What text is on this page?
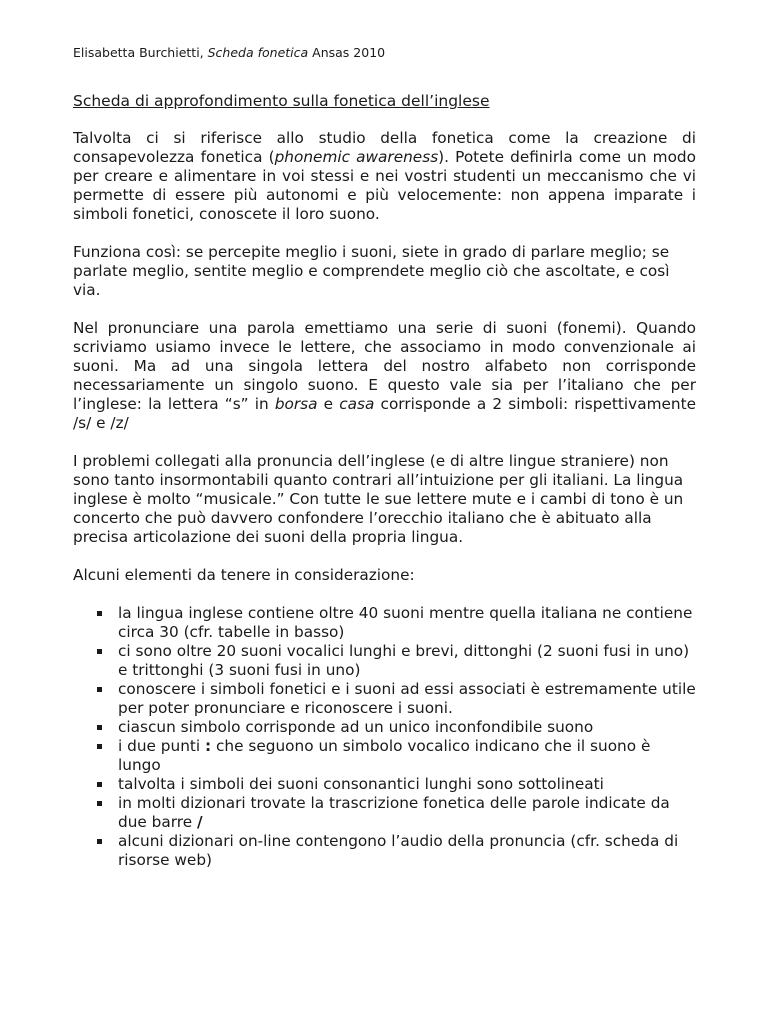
Elisabetta Burchietti, Scheda fonetica Ansas 2010
Scheda di approfondimento sulla fonetica dell’inglese

Talvolta ci si riferisce allo studio della fonetica come la creazione di consapevolezza fonetica (phonemic awareness). Potete definirla come un modo per creare e alimentare in voi stessi e nei vostri studenti un meccanismo che vi permette di essere più autonomi e più velocemente: non appena imparate i simboli fonetici, conoscete il loro suono.

Funziona così: se percepite meglio i suoni, siete in grado di parlare meglio; se parlate meglio, sentite meglio e comprendete meglio ciò che ascoltate, e così via.

Nel pronunciare una parola emettiamo una serie di suoni (fonemi). Quando scriviamo usiamo invece le lettere, che associamo in modo convenzionale ai suoni. Ma ad una singola lettera del nostro alfabeto non corrisponde necessariamente un singolo suono. E questo vale sia per l’italiano che per l’inglese: la lettera “s” in borsa e casa corrisponde a 2 simboli: rispettivamente /s/ e /z/

I problemi collegati alla pronuncia dell’inglese (e di altre lingue straniere) non sono tanto insormontabili quanto contrari all’intuizione per gli italiani. La lingua inglese è molto “musicale.” Con tutte le sue lettere mute e i cambi di tono è un concerto che può davvero confondere l’orecchio italiano che è abituato alla precisa articolazione dei suoni della propria lingua.

Alcuni elementi da tenere in considerazione:

la lingua inglese contiene oltre 40 suoni mentre quella italiana ne contiene circa 30 (cfr. tabelle in basso)
ci sono oltre 20 suoni vocalici lunghi e brevi, dittonghi (2 suoni fusi in uno) e trittonghi (3 suoni fusi in uno)
conoscere i simboli fonetici e i suoni ad essi associati è estremamente utile per poter pronunciare e riconoscere i suoni.
ciascun simbolo corrisponde ad un unico inconfondibile suono
i due punti : che seguono un simbolo vocalico indicano che il suono è lungo
talvolta i simboli dei suoni consonantici lunghi sono sottolineati
in molti dizionari trovate la trascrizione fonetica delle parole indicate da due barre /
alcuni dizionari on-line contengono l’audio della pronuncia (cfr. scheda di risorse web)
